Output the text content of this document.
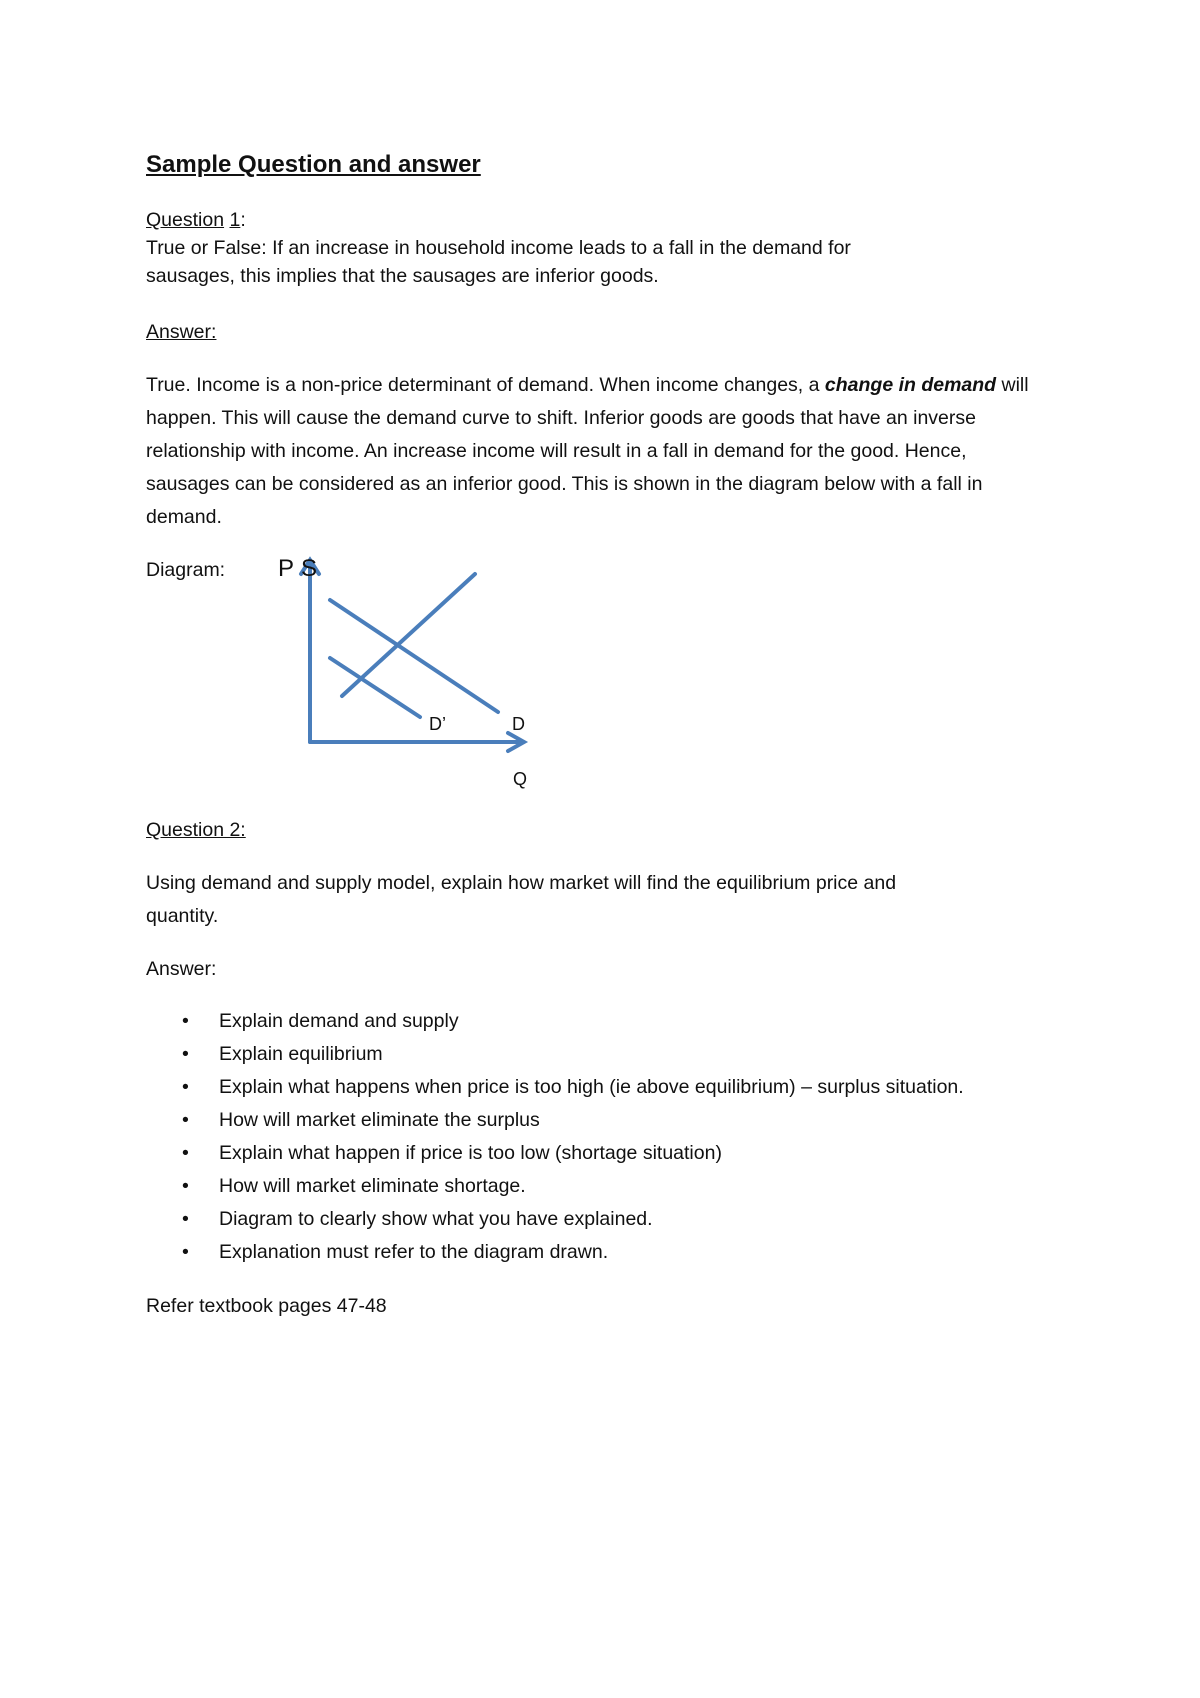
Sample Question and answer

Question 1:

True or False: If an increase in household income leads to a fall in the demand for

sausages, this implies that the sausages are inferior goods.

Answer:

True. Income is a non-price determinant of demand. When income changes, a change in demand will happen. This will cause the demand curve to shift. Inferior goods are goods that have an inverse relationship with income. An increase income will result in a fall in demand for the good. Hence, sausages can be considered as an inferior good. This is shown in the diagram below with a fall in demand.

Diagram: P S
D’	D
Q

Question 2:

Using demand and supply model, explain how market will find the equilibrium price and

quantity.

Answer:

• Explain demand and supply
• Explain equilibrium
• Explain what happens when price is too high (ie above equilibrium) – surplus situation.
• How will market eliminate the surplus
• Explain what happen if price is too low (shortage situation)
• How will market eliminate shortage.
• Diagram to clearly show what you have explained.
• Explanation must refer to the diagram drawn.

Refer textbook pages 47-48
